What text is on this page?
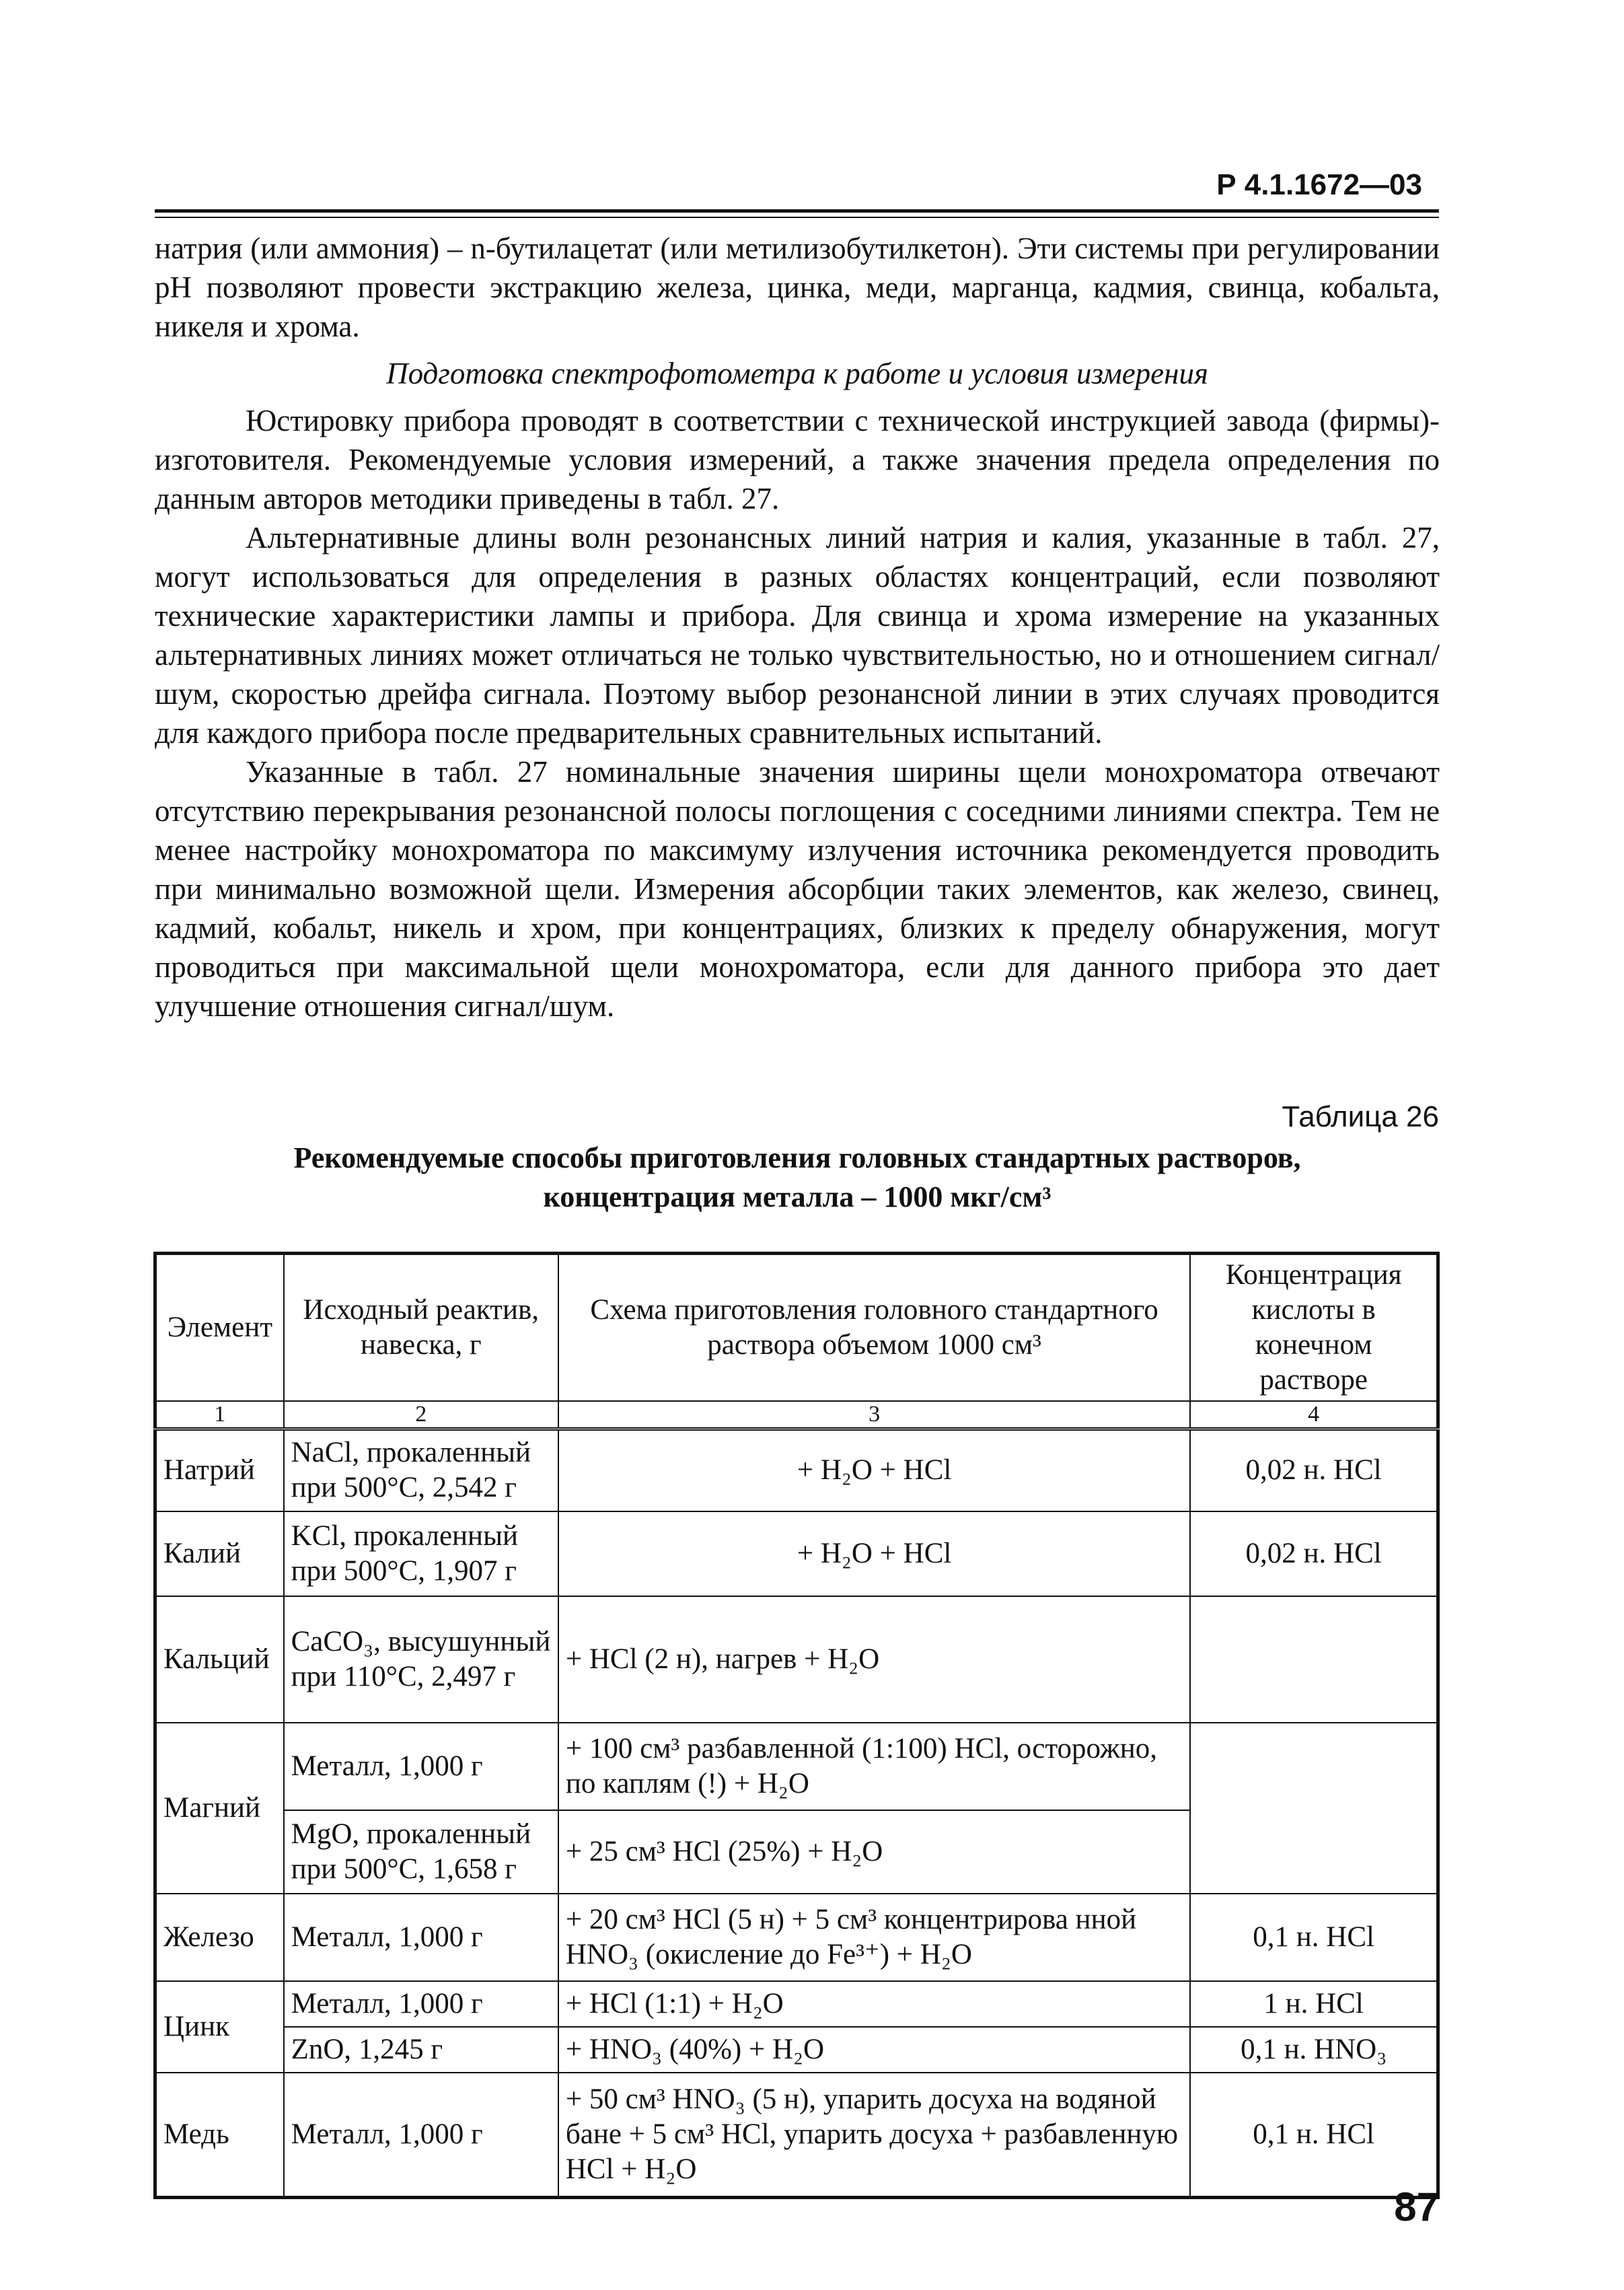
Р 4.1.1672—03

натрия (или аммония) – n-бутилацетат (или метилизобутилкетон). Эти системы при регулировании pH позволяют провести экстракцию железа, цинка, меди, марганца, кадмия, свинца, кобальта, никеля и хрома.

Подготовка спектрофотометра к работе и условия измерения

Юстировку прибора проводят в соответствии с технической инструкцией завода (фирмы)-изготовителя. Рекомендуемые условия измерений, а также значения предела определения по данным авторов методики приведены в табл. 27.

Альтернативные длины волн резонансных линий натрия и калия, указанные в табл. 27, могут использоваться для определения в разных областях концентраций, если позволяют технические характеристики лампы и прибора. Для свинца и хрома измерение на указанных альтернативных линиях может отличаться не только чувствительностью, но и отношением сигнал/шум, скоростью дрейфа сигнала. Поэтому выбор резонансной линии в этих случаях проводится для каждого прибора после предварительных сравнительных испытаний.

Указанные в табл. 27 номинальные значения ширины щели монохроматора отвечают отсутствию перекрывания резонансной полосы поглощения с соседними линиями спектра. Тем не менее настройку монохроматора по максимуму излучения источника рекомендуется проводить при минимально возможной щели. Измерения абсорбции таких элементов, как железо, свинец, кадмий, кобальт, никель и хром, при концентрациях, близких к пределу обнаружения, могут проводиться при максимальной щели монохроматора, если для данного прибора это дает улучшение отношения сигнал/шум.

Таблица 26

Рекомендуемые способы приготовления головных стандартных растворов,

концентрация металла – 1000 мкг/см³

Элемент	Исходный реактив, навеска, г	Схема приготовления головного стандартного раствора объемом 1000 см³	Концентрация кислоты в конечном растворе
1	2	3	4
Натрий	NaCl, прокаленный при 500°C, 2,542 г	+ H₂O + HCl	0,02 н. HCl
Калий	KCl, прокаленный при 500°C, 1,907 г	+ H₂O + HCl	0,02 н. HCl
Кальций	CaCO₃, высушунный при 110°C, 2,497 г	+ HCl (2 н), нагрев + H₂O	
Магний	Металл, 1,000 г	+ 100 см³ разбавленной (1:100) HCl, осторожно, по каплям (!) + H₂O	
	MgO, прокаленный при 500°C, 1,658 г	+ 25 см³ HCl (25%) + H₂O	
Железо	Металл, 1,000 г	+ 20 см³ HCl (5 н) + 5 см³ концентрирова нной HNO₃ (окисление до Fe³⁺) + H₂O	0,1 н. HCl
Цинк	Металл, 1,000 г	+ HCl (1:1) + H₂O	1 н. HCl
	ZnO, 1,245 г	+ HNO₃ (40%) + H₂O	0,1 н. HNO₃
Медь	Металл, 1,000 г	+ 50 см³ HNO₃ (5 н), упарить досуха на водяной бане + 5 см³ HCl, упарить досуха + разбавленную HCl + H₂O	0,1 н. HCl
87
